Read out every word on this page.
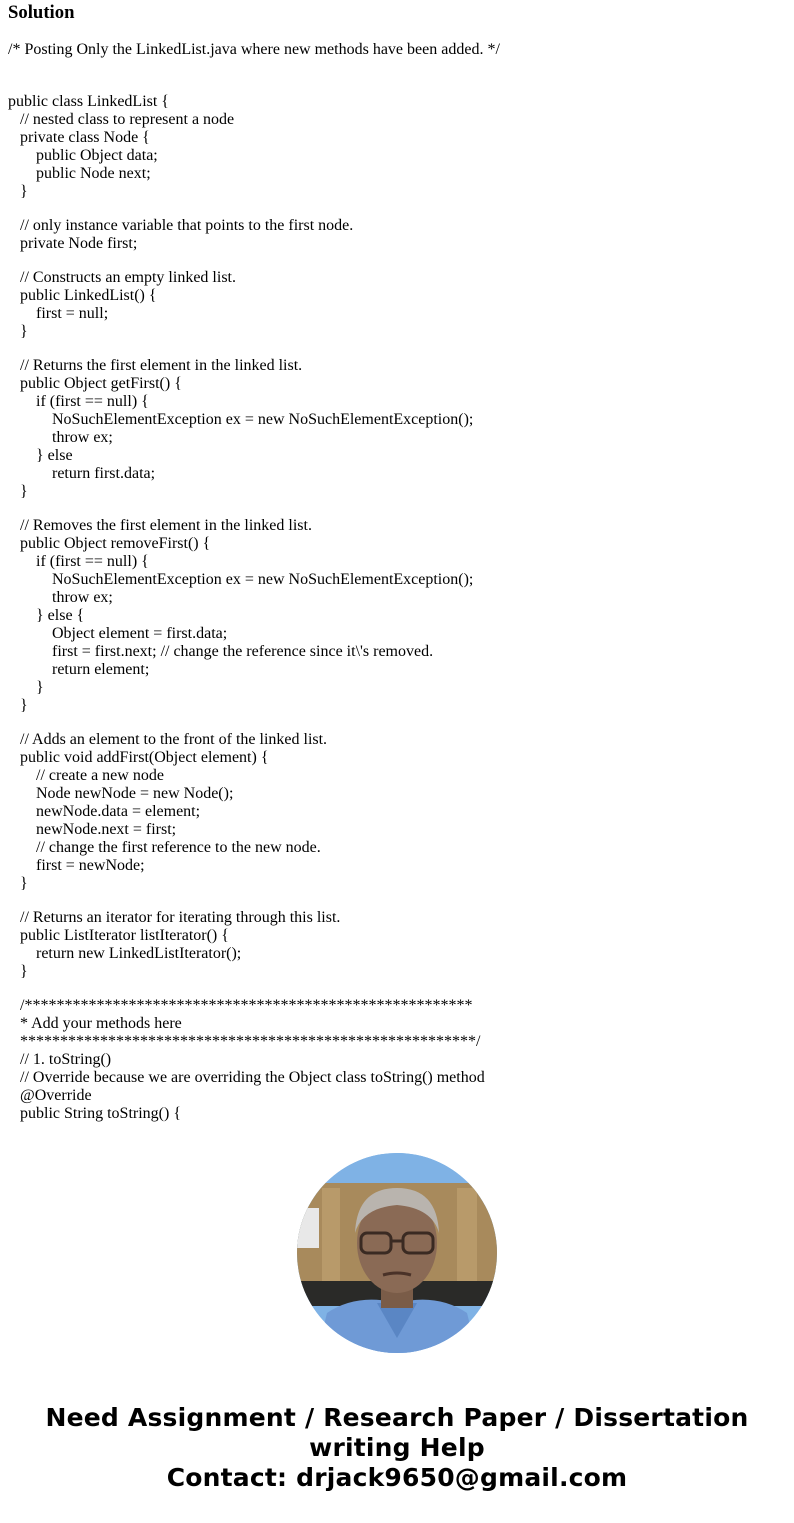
Solution

/* Posting Only the LinkedList.java where new methods have been added. */

public class LinkedList {
// nested class to represent a node
private class Node {
public Object data;
public Node next;
}
// only instance variable that points to the first node.
private Node first;
// Constructs an empty linked list.
public LinkedList() {
first = null;
}
// Returns the first element in the linked list.
public Object getFirst() {
if (first == null) {
NoSuchElementException ex = new NoSuchElementException();
throw ex;
} else
return first.data;
}
// Removes the first element in the linked list.
public Object removeFirst() {
if (first == null) {
NoSuchElementException ex = new NoSuchElementException();
throw ex;
} else {
Object element = first.data;
first = first.next; // change the reference since it\'s removed.
return element;
}
}
// Adds an element to the front of the linked list.
public void addFirst(Object element) {
// create a new node
Node newNode = new Node();
newNode.data = element;
newNode.next = first;
// change the first reference to the new node.
first = newNode;
}
// Returns an iterator for iterating through this list.
public ListIterator listIterator() {
return new LinkedListIterator();
}
/********************************************************
* Add your methods here
*********************************************************/
// 1. toString()
// Override because we are overriding the Object class toString() method
@Override
public String toString() {
Need Assignment / Research Paper / Dissertation
writing Help
Contact: drjack9650@gmail.com
